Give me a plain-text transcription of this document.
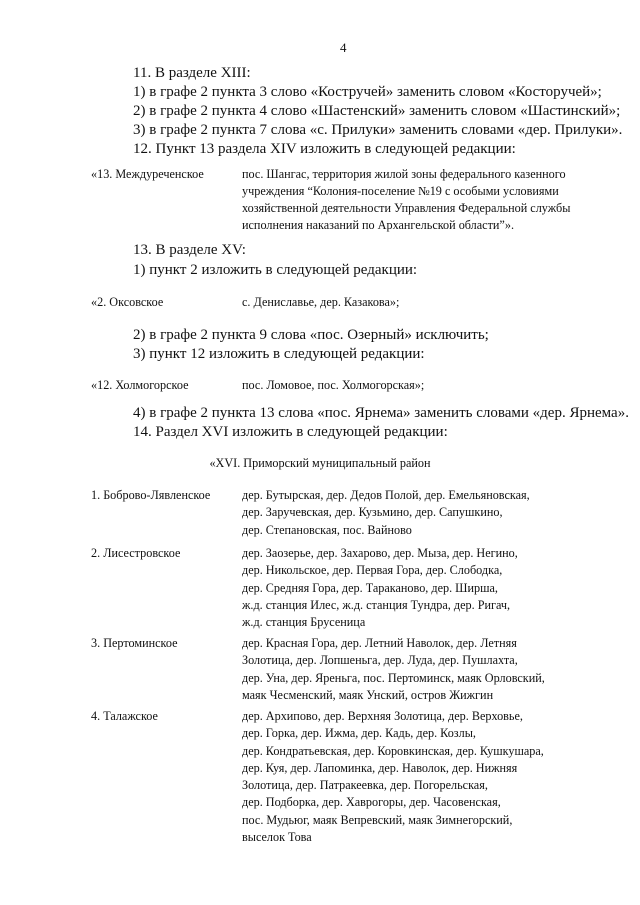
4
11. В разделе XIII:
1) в графе 2 пункта 3 слово «Костручей» заменить словом «Косторучей»;
2) в графе 2 пункта 4 слово «Шастенский» заменить словом «Шастинский»;
3) в графе 2 пункта 7 слова «с. Прилуки» заменить словами «дер. Прилуки».
12. Пункт 13 раздела XIV изложить в следующей редакции:
«13. Междуреченское	пос. Шангас, территория жилой зоны федерального казенного
учреждения “Колония-поселение №19 с особыми условиями
хозяйственной деятельности Управления Федеральной службы
исполнения наказаний по Архангельской области”».
13. В разделе XV:
1) пункт 2 изложить в следующей редакции:
«2. Оксовское	с. Дениславье, дер. Казакова»;
2) в графе 2 пункта 9 слова «пос. Озерный» исключить;
3) пункт 12 изложить в следующей редакции:
«12. Холмогорское	пос. Ломовое, пос. Холмогорская»;
4) в графе 2 пункта 13 слова «пос. Ярнема» заменить словами «дер. Ярнема».
14. Раздел XVI изложить в следующей редакции:
«XVI. Приморский муниципальный район
1. Боброво-Лявленское	дер. Бутырская, дер. Дедов Полой, дер. Емельяновская,
дер. Заручевская, дер. Кузьмино, дер. Сапушкино,
дер. Степановская, пос. Вайново
2. Лисестровское	дер. Заозерье, дер. Захарово, дер. Мыза, дер. Негино,
дер. Никольское, дер. Первая Гора, дер. Слободка,
дер. Средняя Гора, дер. Тараканово, дер. Ширша,
ж.д. станция Илес, ж.д. станция Тундра, дер. Ригач,
ж.д. станция Брусеница
3. Пертоминское	дер. Красная Гора, дер. Летний Наволок, дер. Летняя
Золотица, дер. Лопшеньга, дер. Луда, дер. Пушлахта,
дер. Уна, дер. Яреньга, пос. Пертоминск, маяк Орловский,
маяк Чесменский, маяк Унский, остров Жижгин
4. Талажское	дер. Архипово, дер. Верхняя Золотица, дер. Верховье,
дер. Горка, дер. Ижма, дер. Кадь, дер. Козлы,
дер. Кондратьевская, дер. Коровкинская, дер. Кушкушара,
дер. Куя, дер. Лапоминка, дер. Наволок, дер. Нижняя
Золотица, дер. Патракеевка, дер. Погорельская,
дер. Подборка, дер. Хаврогоры, дер. Часовенская,
пос. Мудьюг, маяк Вепревский, маяк Зимнегорский,
выселок Това
